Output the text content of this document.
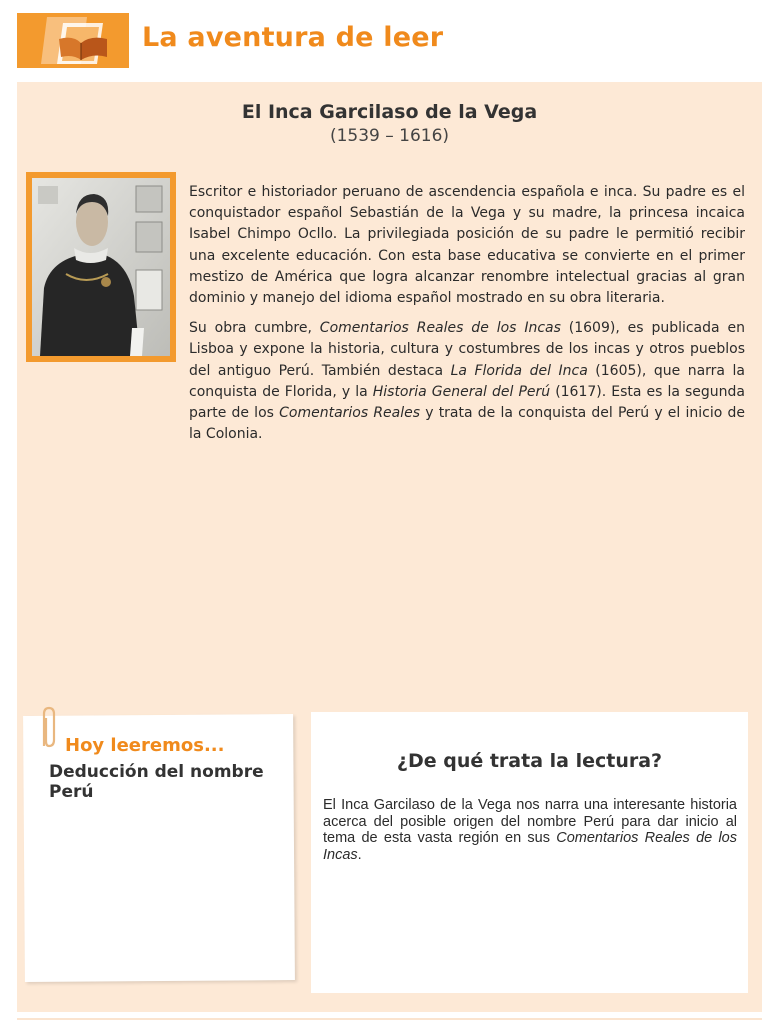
La aventura de leer
El Inca Garcilaso de la Vega
(1539 – 1616)

Escritor e historiador peruano de ascendencia española e inca. Su padre es el conquistador español Sebastián de la Vega y su madre, la princesa incaica Isabel Chimpo Ocllo. La privilegiada posición de su padre le permitió recibir una excelente educación. Con esta base educativa se convierte en el primer mestizo de América que logra alcanzar renombre intelectual gracias al gran dominio y manejo del idioma español mostrado en su obra literaria.

Su obra cumbre, Comentarios Reales de los Incas (1609), es publicada en Lisboa y expone la historia, cultura y costumbres de los incas y otros pueblos del antiguo Perú. También destaca La Florida del Inca (1605), que narra la conquista de Florida, y la Historia General del Perú (1617). Esta es la segunda parte de los Comentarios Reales y trata de la conquista del Perú y el inicio de la Colonia.

Hoy leeremos...
Deducción del nombre Perú
¿De qué trata la lectura?
El Inca Garcilaso de la Vega nos narra una interesante historia acerca del posible origen del nombre Perú para dar inicio al tema de esta vasta región en sus Comentarios Reales de los Incas.
